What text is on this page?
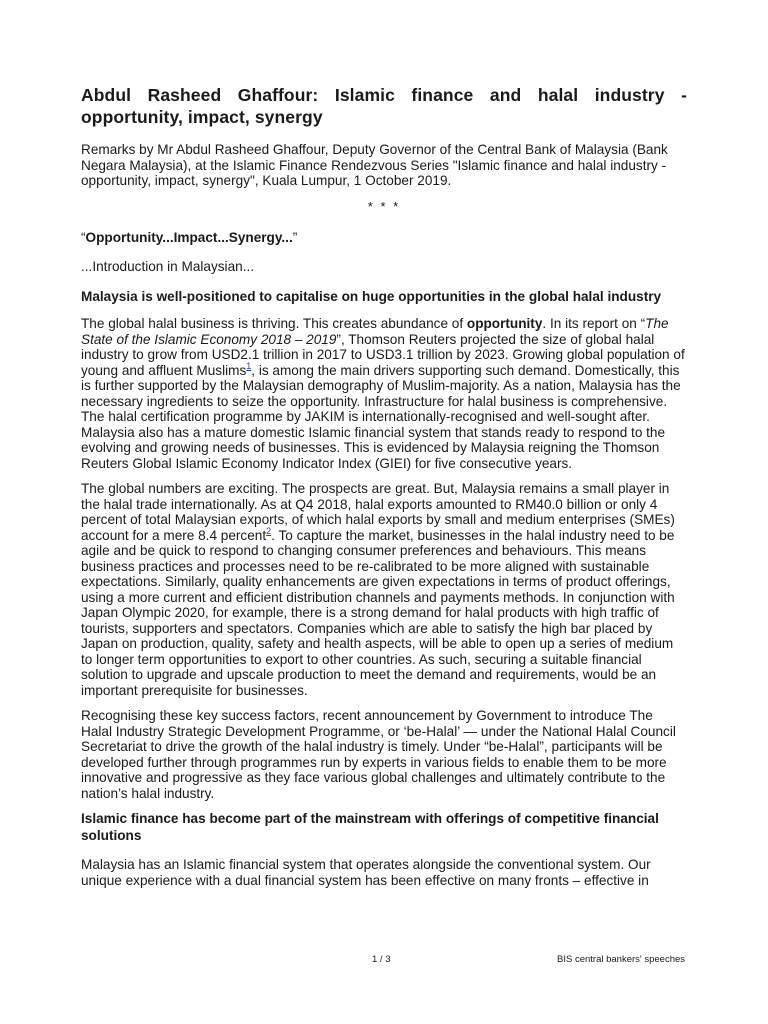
Abdul Rasheed Ghaffour: Islamic finance and halal industry - opportunity, impact, synergy

Remarks by Mr Abdul Rasheed Ghaffour, Deputy Governor of the Central Bank of Malaysia (Bank Negara Malaysia), at the Islamic Finance Rendezvous Series "Islamic finance and halal industry - opportunity, impact, synergy", Kuala Lumpur, 1 October 2019.

* * *

“Opportunity...Impact...Synergy...”

...Introduction in Malaysian...

Malaysia is well-positioned to capitalise on huge opportunities in the global halal industry

The global halal business is thriving. This creates abundance of opportunity. In its report on “The State of the Islamic Economy 2018 – 2019”, Thomson Reuters projected the size of global halal industry to grow from USD2.1 trillion in 2017 to USD3.1 trillion by 2023. Growing global population of young and affluent Muslims$^1$, is among the main drivers supporting such demand. Domestically, this is further supported by the Malaysian demography of Muslim-majority. As a nation, Malaysia has the necessary ingredients to seize the opportunity. Infrastructure for halal business is comprehensive. The halal certification programme by JAKIM is internationally-recognised and well-sought after. Malaysia also has a mature domestic Islamic financial system that stands ready to respond to the evolving and growing needs of businesses. This is evidenced by Malaysia reigning the Thomson Reuters Global Islamic Economy Indicator Index (GIEI) for five consecutive years.

The global numbers are exciting. The prospects are great. But, Malaysia remains a small player in the halal trade internationally. As at Q4 2018, halal exports amounted to RM40.0 billion or only 4 percent of total Malaysian exports, of which halal exports by small and medium enterprises (SMEs) account for a mere 8.4 percent$^2$. To capture the market, businesses in the halal industry need to be agile and be quick to respond to changing consumer preferences and behaviours. This means business practices and processes need to be re-calibrated to be more aligned with sustainable expectations. Similarly, quality enhancements are given expectations in terms of product offerings, using a more current and efficient distribution channels and payments methods. In conjunction with Japan Olympic 2020, for example, there is a strong demand for halal products with high traffic of tourists, supporters and spectators. Companies which are able to satisfy the high bar placed by Japan on production, quality, safety and health aspects, will be able to open up a series of medium to longer term opportunities to export to other countries. As such, securing a suitable financial solution to upgrade and upscale production to meet the demand and requirements, would be an important prerequisite for businesses.

Recognising these key success factors, recent announcement by Government to introduce The Halal Industry Strategic Development Programme, or ‘be-Halal’ — under the National Halal Council Secretariat to drive the growth of the halal industry is timely. Under “be-Halal”, participants will be developed further through programmes run by experts in various fields to enable them to be more innovative and progressive as they face various global challenges and ultimately contribute to the nation’s halal industry.

Islamic finance has become part of the mainstream with offerings of competitive financial solutions

Malaysia has an Islamic financial system that operates alongside the conventional system. Our unique experience with a dual financial system has been effective on many fronts – effective in

1 / 3	BIS central bankers' speeches
